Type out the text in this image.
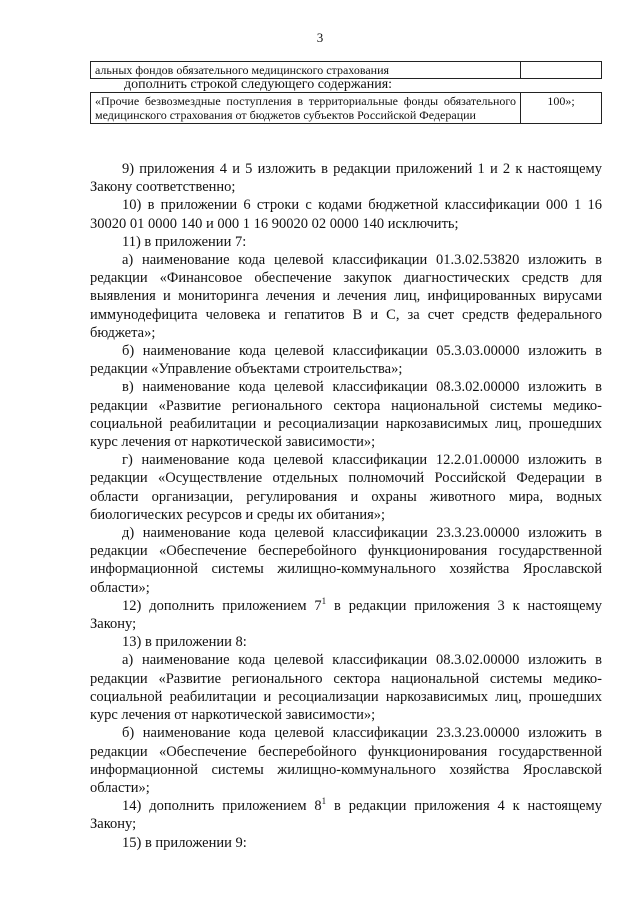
3
альных фондов обязательного медицинского страхования	
дополнить строкой следующего содержания:
«Прочие безвозмездные поступления в территориальные фонды обязательного медицинского страхования от бюджетов субъектов Российской Федерации	100»;

9) приложения 4 и 5 изложить в редакции приложений 1 и 2 к настоящему Закону соответственно;

10) в приложении 6 строки с кодами бюджетной классификации 000 1 16 30020 01 0000 140 и 000 1 16 90020 02 0000 140 исключить;

11) в приложении 7:

а) наименование кода целевой классификации 01.3.02.53820 изложить в редакции «Финансовое обеспечение закупок диагностических средств для выявления и мониторинга лечения и лечения лиц, инфицированных вирусами иммунодефицита человека и гепатитов В и С, за счет средств федерального бюджета»;

б) наименование кода целевой классификации 05.3.03.00000 изложить в редакции «Управление объектами строительства»;

в) наименование кода целевой классификации 08.3.02.00000 изложить в редакции «Развитие регионального сектора национальной системы медико-социальной реабилитации и ресоциализации наркозависимых лиц, прошедших курс лечения от наркотической зависимости»;

г) наименование кода целевой классификации 12.2.01.00000 изложить в редакции «Осуществление отдельных полномочий Российской Федерации в области организации, регулирования и охраны животного мира, водных биологических ресурсов и среды их обитания»;

д) наименование кода целевой классификации 23.3.23.00000 изложить в редакции «Обеспечение бесперебойного функционирования государственной информационной системы жилищно-коммунального хозяйства Ярославской области»;

12) дополнить приложением $7^1$ в редакции приложения 3 к настоящему Закону;

13) в приложении 8:

а) наименование кода целевой классификации 08.3.02.00000 изложить в редакции «Развитие регионального сектора национальной системы медико-социальной реабилитации и ресоциализации наркозависимых лиц, прошедших курс лечения от наркотической зависимости»;

б) наименование кода целевой классификации 23.3.23.00000 изложить в редакции «Обеспечение бесперебойного функционирования государственной информационной системы жилищно-коммунального хозяйства Ярославской области»;

14) дополнить приложением $8^1$ в редакции приложения 4 к настоящему Закону;

15) в приложении 9:
